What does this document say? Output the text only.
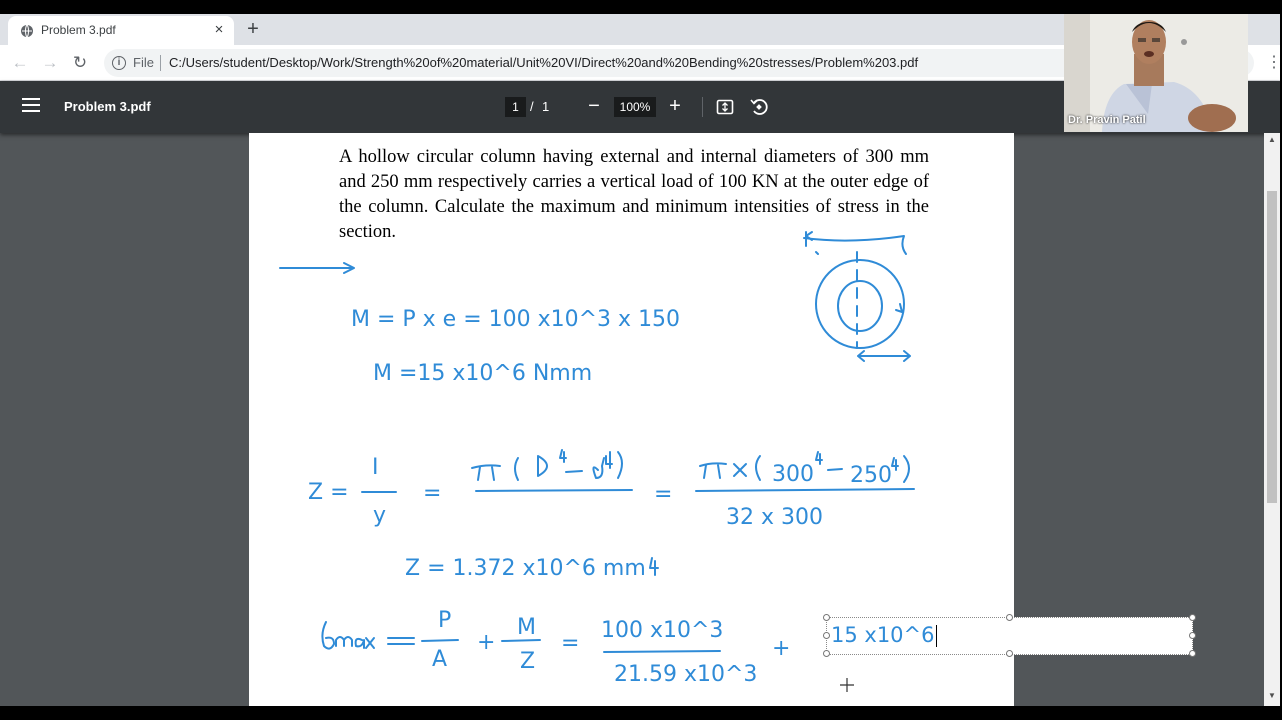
Problem 3.pdf	× +
← → ↻	i File C:/Users/student/Desktop/Work/Strength%20of%20material/Unit%20VI/Direct%20and%20Bending%20stresses/Problem%203.pdf	⋮
Problem 3.pdf	1 / 1 −	100% +
Dr. Pravin Patil
A hollow circular column having external and internal diameters of 300 mm and 250 mm respectively carries a vertical load of 100 KN at the outer edge of the column. Calculate the maximum and minimum intensities of stress in the section.
M = P x e = 100 x10^3 x 150
M =15 x10^6 Nmm
Z =
I
y
=	=
32 x 300
Z = 1.372 x10^6 mm
P
A
+
M
Z
=
100 x10^3
21.59 x10^3
+
300 250
15 x10^6
▲
▼
